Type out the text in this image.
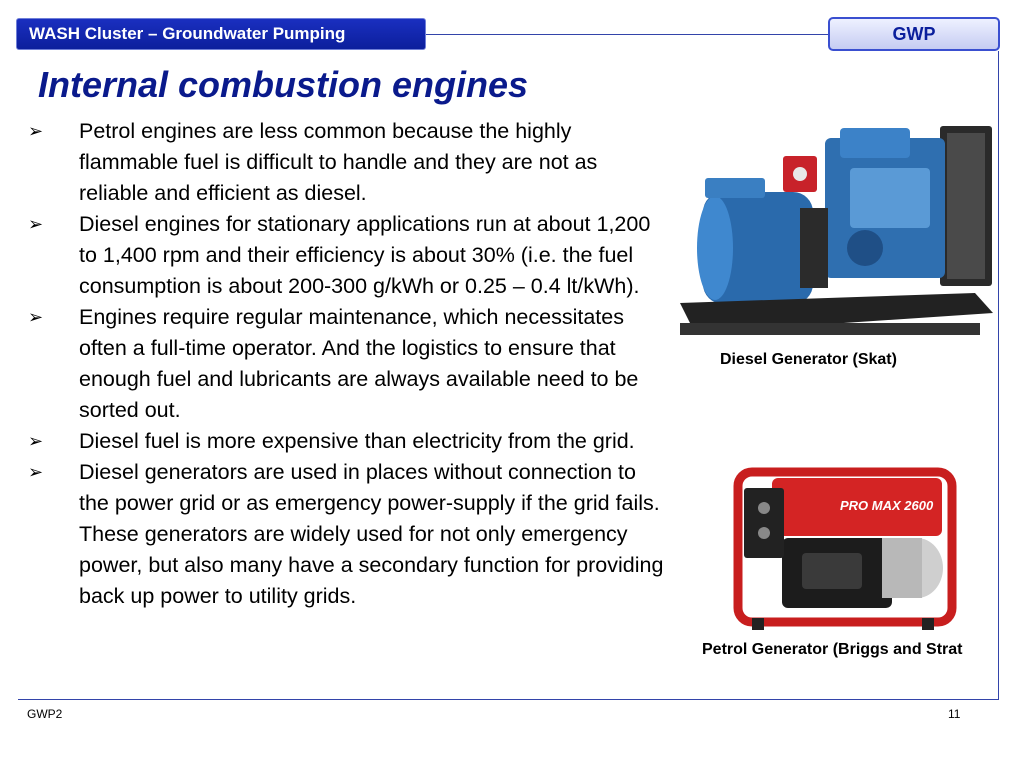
WASH Cluster – Groundwater Pumping	GWP
Internal combustion engines
➢ Petrol engines are less common because the highly flammable fuel is difficult to handle and they are not as reliable and efficient as diesel.
➢ Diesel engines for stationary applications run at about 1,200 to 1,400 rpm and their efficiency is about 30% (i.e. the fuel consumption is about 200-300 g/kWh or 0.25 – 0.4 lt/kWh).
➢ Engines require regular maintenance, which necessitates often a full-time operator. And the logistics to ensure that enough fuel and lubricants are always available need to be sorted out.
➢ Diesel fuel is more expensive than electricity from the grid.
➢ Diesel generators are used in places without connection to the power grid or as emergency power-supply if the grid fails. These generators are widely used for not only emergency power, but also many have a secondary function for providing back up power to utility grids.
Diesel Generator (Skat)
PRO MAX 2600
Petrol Generator (Briggs and Strat
GWP2	11
